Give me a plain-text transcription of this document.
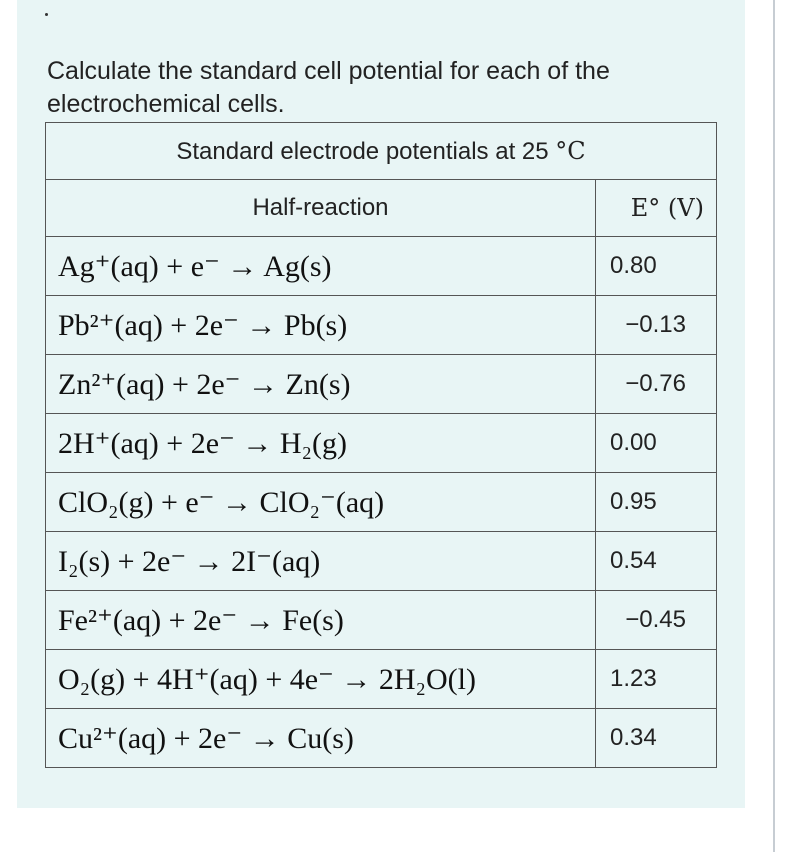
Calculate the standard cell potential for each of the electrochemical cells.
Standard electrode potentials at 25 °C	
Half-reaction	E° (V)
Ag⁺(aq) + e⁻ → Ag(s)	0.80
Pb²⁺(aq) + 2e⁻ → Pb(s)	−0.13
Zn²⁺(aq) + 2e⁻ → Zn(s)	−0.76
2H⁺(aq) + 2e⁻ → H₂(g)	0.00
ClO₂(g) + e⁻ → ClO₂⁻(aq)	0.95
I₂(s) + 2e⁻ → 2I⁻(aq)	0.54
Fe²⁺(aq) + 2e⁻ → Fe(s)	−0.45
O₂(g) + 4H⁺(aq) + 4e⁻ → 2H₂O(l)	1.23
Cu²⁺(aq) + 2e⁻ → Cu(s)	0.34
